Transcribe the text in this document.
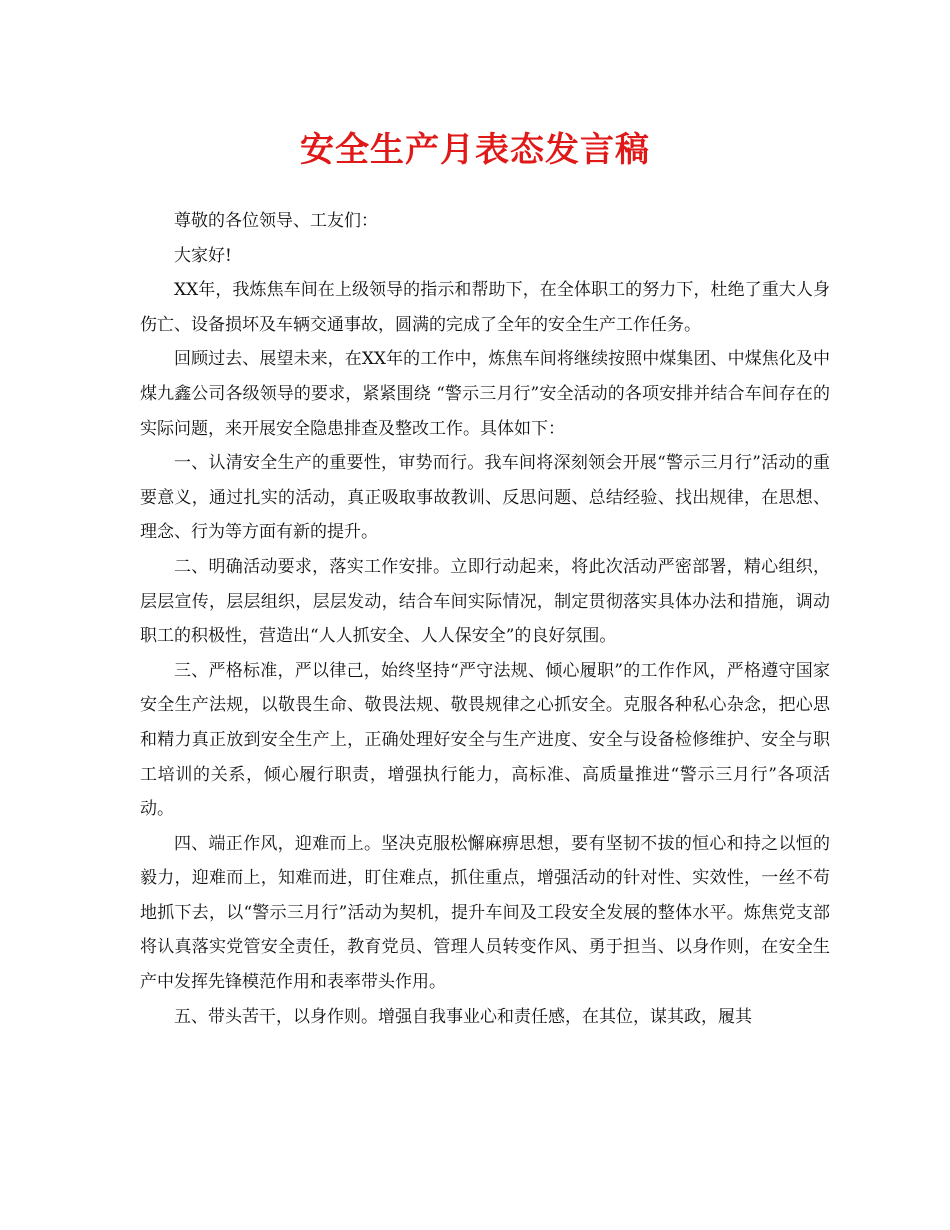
安全生产月表态发言稿

尊敬的各位领导、工友们：

大家好!

XX年，我炼焦车间在上级领导的指示和帮助下，在全体职工的努力下，杜绝了重大人身伤亡、设备损坏及车辆交通事故，圆满的完成了全年的安全生产工作任务。

回顾过去、展望未来，在XX年的工作中，炼焦车间将继续按照中煤集团、中煤焦化及中煤九鑫公司各级领导的要求，紧紧围绕 “警示三月行”安全活动的各项安排并结合车间存在的实际问题，来开展安全隐患排查及整改工作。具体如下：

一、认清安全生产的重要性，审势而行。我车间将深刻领会开展“警示三月行”活动的重要意义，通过扎实的活动，真正吸取事故教训、反思问题、总结经验、找出规律，在思想、理念、行为等方面有新的提升。

二、明确活动要求，落实工作安排。立即行动起来，将此次活动严密部署，精心组织，层层宣传，层层组织，层层发动，结合车间实际情况，制定贯彻落实具体办法和措施，调动职工的积极性，营造出“人人抓安全、人人保安全”的良好氛围。

三、严格标准，严以律己，始终坚持“严守法规、倾心履职”的工作作风，严格遵守国家安全生产法规，以敬畏生命、敬畏法规、敬畏规律之心抓安全。克服各种私心杂念，把心思和精力真正放到安全生产上，正确处理好安全与生产进度、安全与设备检修维护、安全与职工培训的关系，倾心履行职责，增强执行能力，高标准、高质量推进“警示三月行”各项活动。

四、端正作风，迎难而上。坚决克服松懈麻痹思想，要有坚韧不拔的恒心和持之以恒的毅力，迎难而上，知难而进，盯住难点，抓住重点，增强活动的针对性、实效性，一丝不苟地抓下去，以“警示三月行”活动为契机，提升车间及工段安全发展的整体水平。炼焦党支部将认真落实党管安全责任，教育党员、管理人员转变作风、勇于担当、以身作则，在安全生产中发挥先锋模范作用和表率带头作用。

五、带头苦干，以身作则。增强自我事业心和责任感，在其位，谋其政，履其
